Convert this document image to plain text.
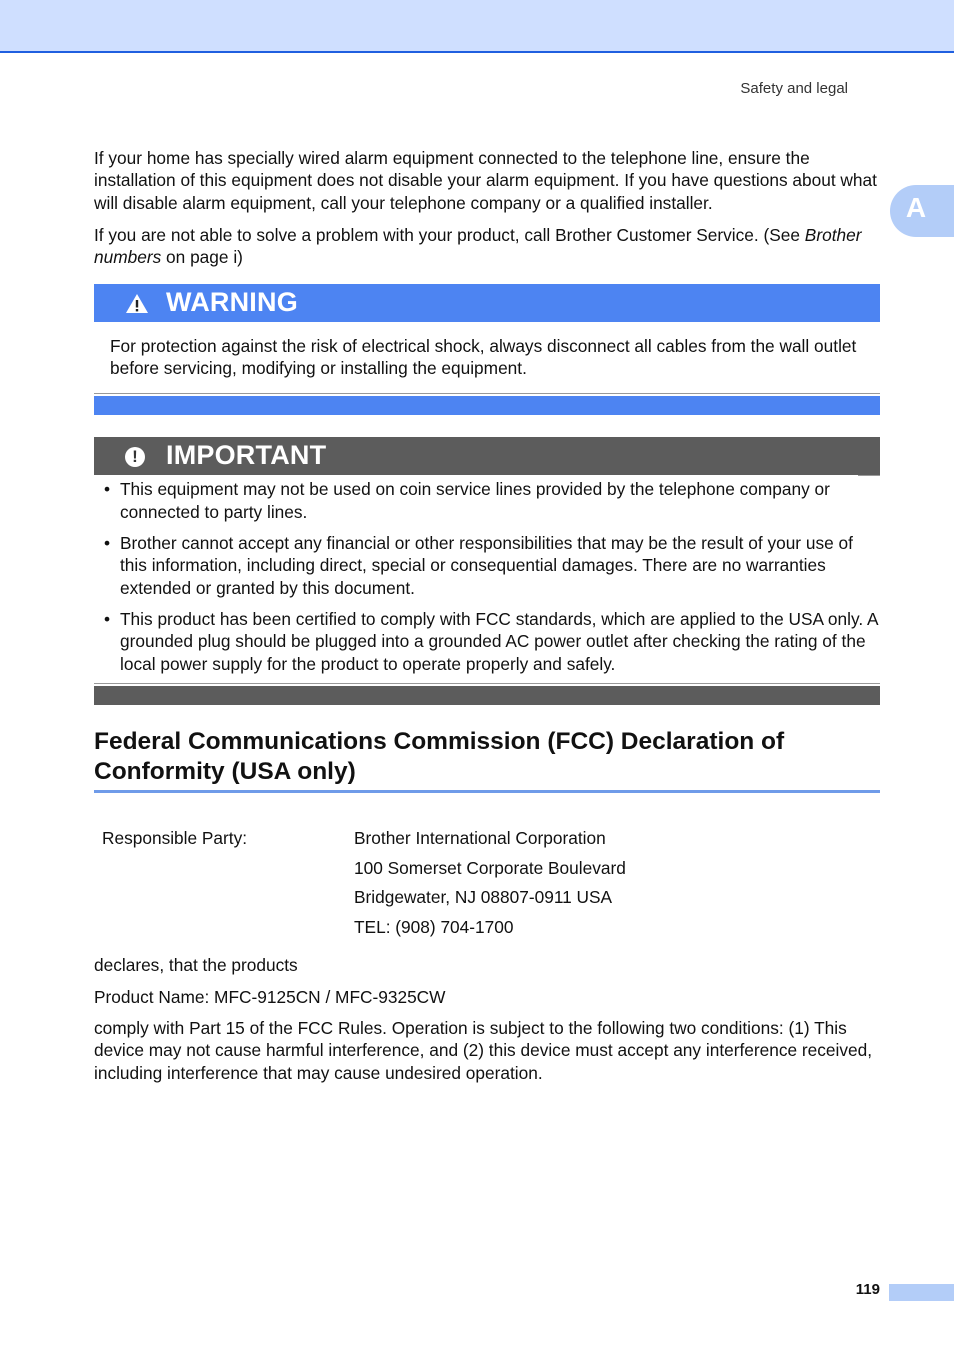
Safety and legal
A

If your home has specially wired alarm equipment connected to the telephone line, ensure the installation of this equipment does not disable your alarm equipment. If you have questions about what will disable alarm equipment, call your telephone company or a qualified installer.

If you are not able to solve a problem with your product, call Brother Customer Service. (See Brother numbers on page i)

WARNING

For protection against the risk of electrical shock, always disconnect all cables from the wall outlet before servicing, modifying or installing the equipment.

! IMPORTANT
• This equipment may not be used on coin service lines provided by the telephone company or connected to party lines.
• Brother cannot accept any financial or other responsibilities that may be the result of your use of this information, including direct, special or consequential damages. There are no warranties extended or granted by this document.
• This product has been certified to comply with FCC standards, which are applied to the USA only. A grounded plug should be plugged into a grounded AC power outlet after checking the rating of the local power supply for the product to operate properly and safely.
Federal Communications Commission (FCC) Declaration of Conformity (USA only)
Responsible Party:	Brother International Corporation
100 Somerset Corporate Boulevard
Bridgewater, NJ 08807-0911 USA
TEL: (908) 704-1700

declares, that the products

Product Name: MFC-9125CN / MFC-9325CW

comply with Part 15 of the FCC Rules. Operation is subject to the following two conditions: (1) This device may not cause harmful interference, and (2) this device must accept any interference received, including interference that may cause undesired operation.

119
